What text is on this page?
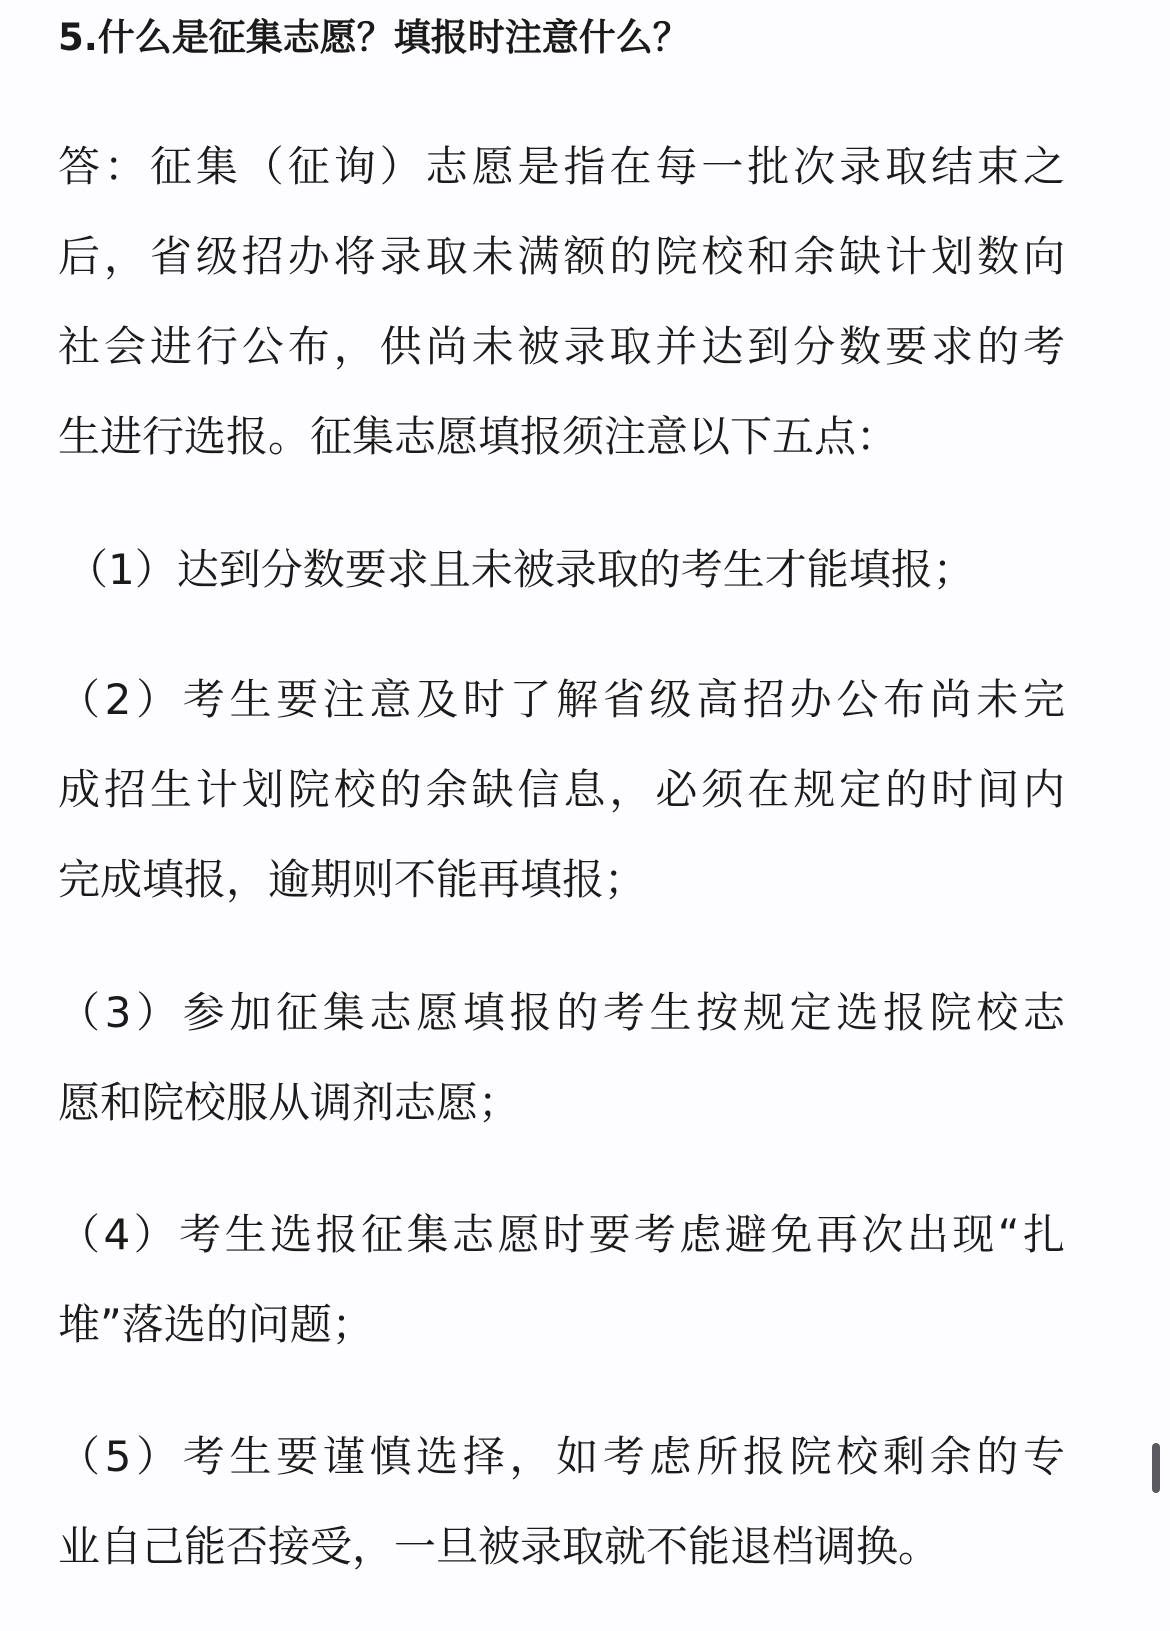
5.什么是征集志愿？填报时注意什么？
答：征集（征询）志愿是指在每一批次录取结束之
后，省级招办将录取未满额的院校和余缺计划数向
社会进行公布，供尚未被录取并达到分数要求的考
生进行选报。征集志愿填报须注意以下五点：
（1）达到分数要求且未被录取的考生才能填报；
（2）考生要注意及时了解省级高招办公布尚未完
成招生计划院校的余缺信息，必须在规定的时间内
完成填报，逾期则不能再填报；
（3）参加征集志愿填报的考生按规定选报院校志
愿和院校服从调剂志愿；
（4）考生选报征集志愿时要考虑避免再次出现“扎
堆”落选的问题；
（5）考生要谨慎选择，如考虑所报院校剩余的专
业自己能否接受，一旦被录取就不能退档调换。
